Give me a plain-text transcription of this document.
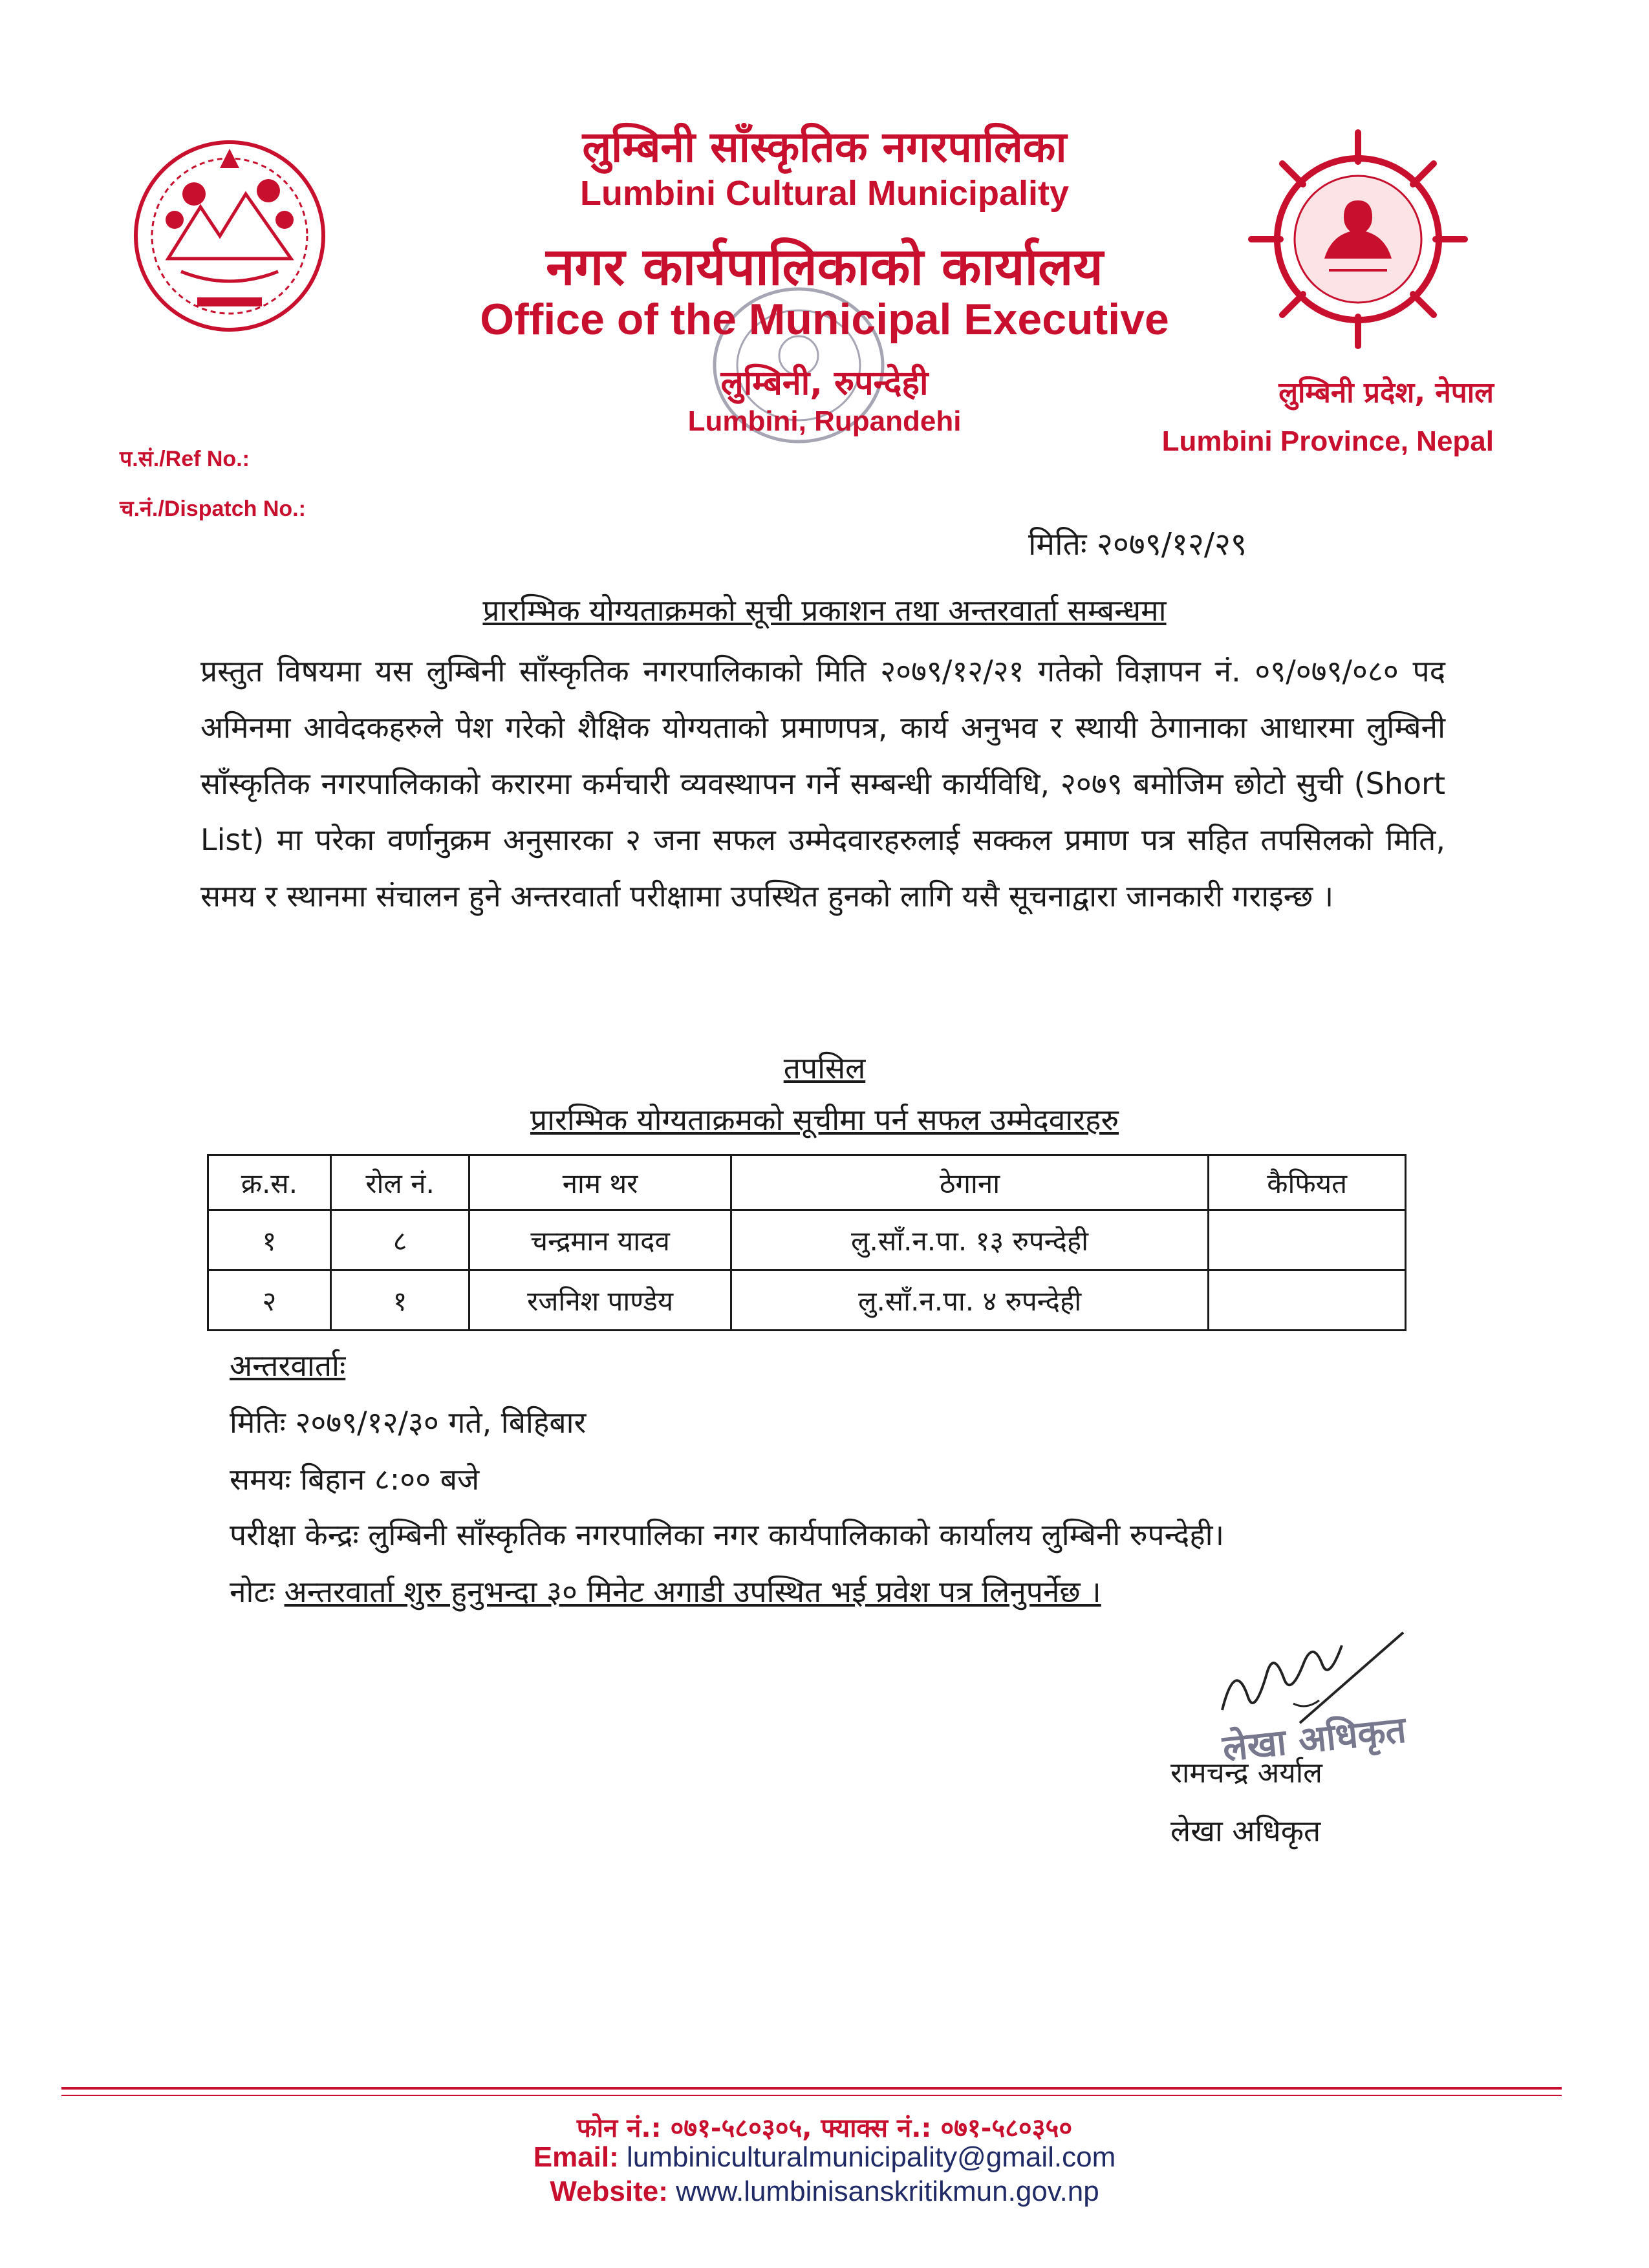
लुम्बिनी साँस्कृतिक नगरपालिका
Lumbini Cultural Municipality
नगर कार्यपालिकाको कार्यालय
Office of the Municipal Executive
लुम्बिनी, रुपन्देही
Lumbini, Rupandehi
लुम्बिनी प्रदेश, नेपाल
Lumbini Province, Nepal
प.सं./Ref No.:
च.नं./Dispatch No.:
मितिः २०७९/१२/२९
प्रारम्भिक योग्यताक्रमको सूची प्रकाशन तथा अन्तरवार्ता सम्बन्धमा
प्रस्तुत विषयमा यस लुम्बिनी साँस्कृतिक नगरपालिकाको मिति २०७९/१२/२१ गतेको विज्ञापन नं. ०९/०७९/०८० पद अमिनमा आवेदकहरुले पेश गरेको शैक्षिक योग्यताको प्रमाणपत्र, कार्य अनुभव र स्थायी ठेगानाका आधारमा लुम्बिनी साँस्कृतिक नगरपालिकाको करारमा कर्मचारी व्यवस्थापन गर्ने सम्बन्धी कार्यविधि, २०७९ बमोजिम छोटो सुची (Short List) मा परेका वर्णानुक्रम अनुसारका २ जना सफल उम्मेदवारहरुलाई सक्कल प्रमाण पत्र सहित तपसिलको मिति, समय र स्थानमा संचालन हुने अन्तरवार्ता परीक्षामा उपस्थित हुनको लागि यसै सूचनाद्वारा जानकारी गराइन्छ ।
तपसिल
प्रारम्भिक योग्यताक्रमको सूचीमा पर्न सफल उम्मेदवारहरु
क्र.स.	रोल नं.	नाम थर	ठेगाना	कैफियत
१	८	चन्द्रमान यादव	लु.साँ.न.पा. १३ रुपन्देही	
२	१	रजनिश पाण्डेय	लु.साँ.न.पा. ४ रुपन्देही	
अन्तरवार्ताः
मितिः २०७९/१२/३० गते, बिहिबार
समयः बिहान ८:०० बजे
परीक्षा केन्द्रः लुम्बिनी साँस्कृतिक नगरपालिका नगर कार्यपालिकाको कार्यालय लुम्बिनी रुपन्देही।
नोटः अन्तरवार्ता शुरु हुनुभन्दा ३० मिनेट अगाडी उपस्थित भई प्रवेश पत्र लिनुपर्नेछ ।
लेखा अधिकृत
रामचन्द्र अर्याल
लेखा अधिकृत
फोन नं.: ०७१-५८०३०५, फ्याक्स नं.: ०७१-५८०३५०
Email: lumbiniculturalmunicipality@gmail.com
Website: www.lumbinisanskritikmun.gov.np
